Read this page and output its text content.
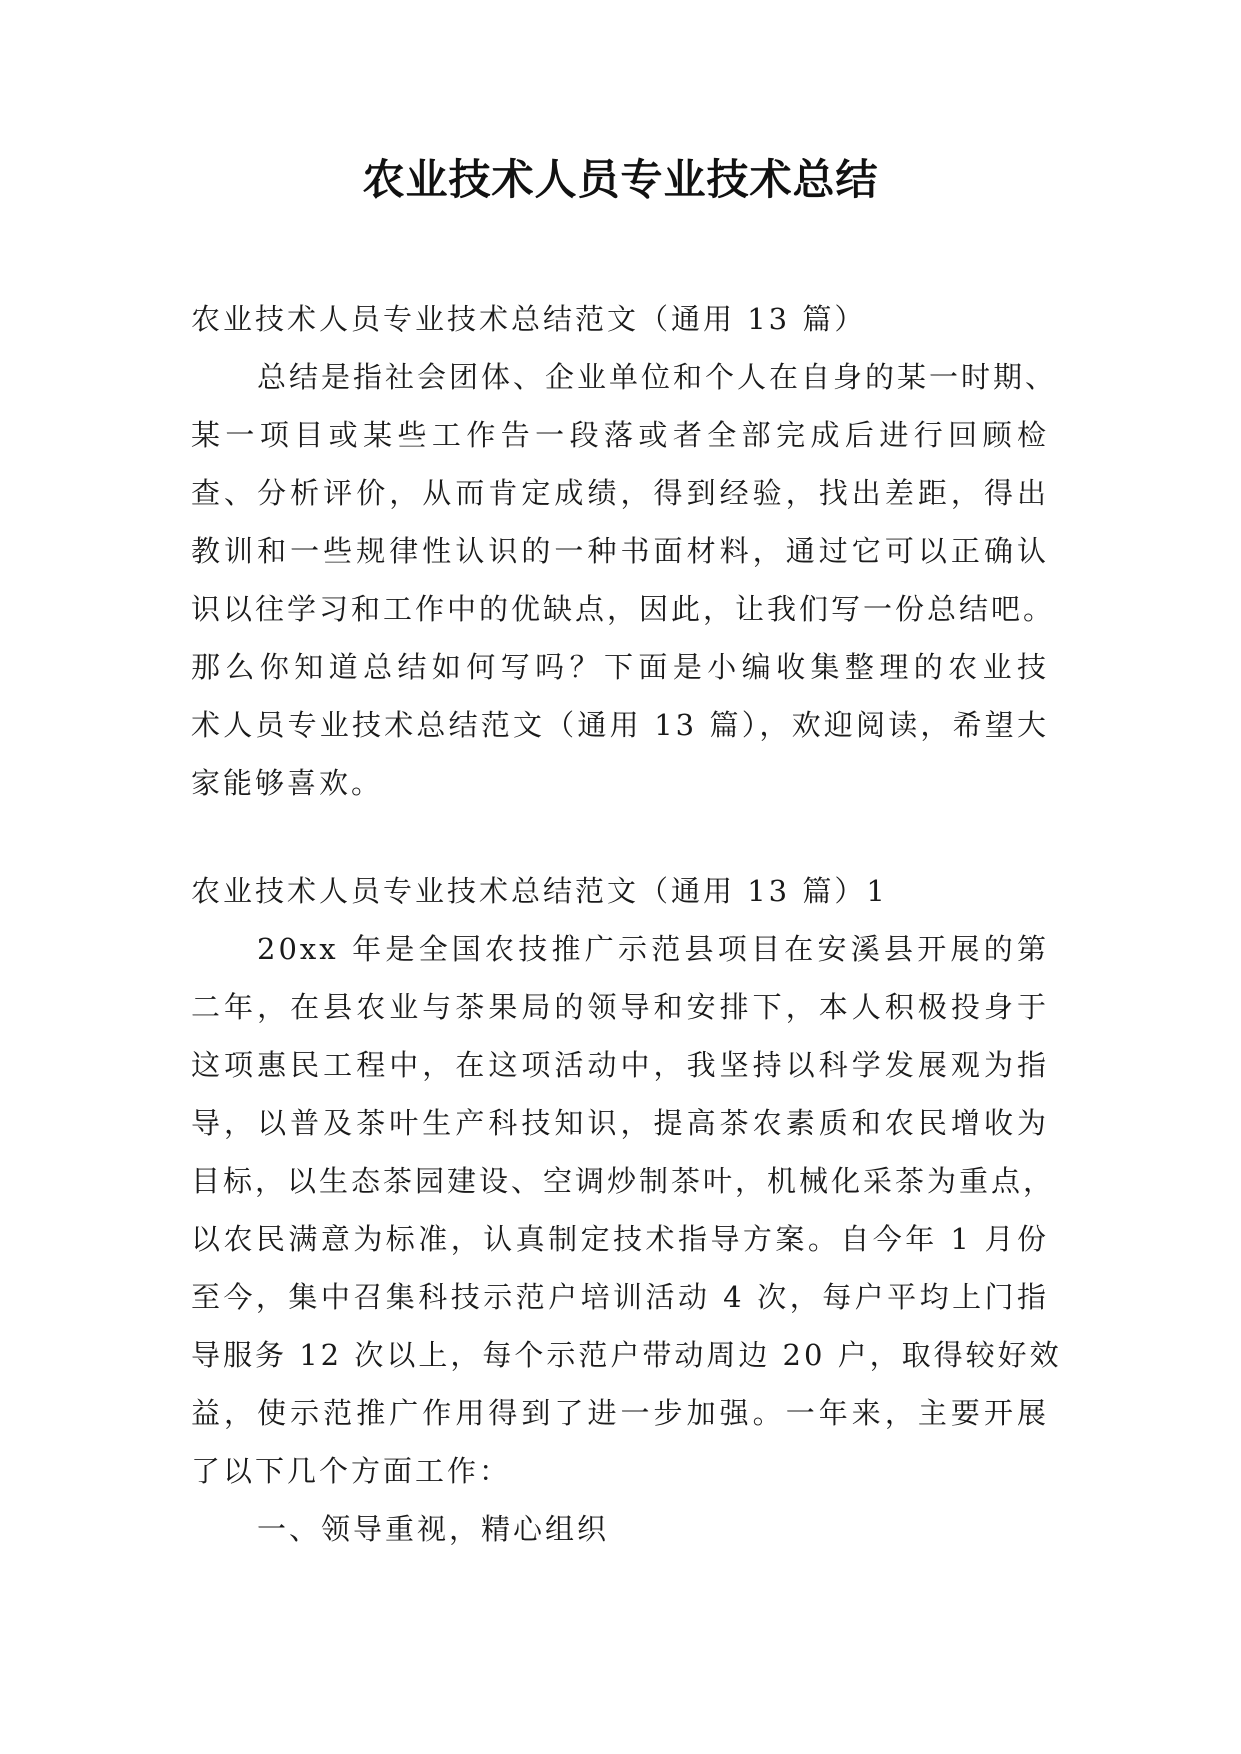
农业技术人员专业技术总结
农业技术人员专业技术总结范文（通用 13 篇）
总结是指社会团体、企业单位和个人在自身的某一时期、
某一项目或某些工作告一段落或者全部完成后进行回顾检
查、分析评价，从而肯定成绩，得到经验，找出差距，得出
教训和一些规律性认识的一种书面材料，通过它可以正确认
识以往学习和工作中的优缺点，因此，让我们写一份总结吧。
那么你知道总结如何写吗？下面是小编收集整理的农业技
术人员专业技术总结范文（通用 13 篇），欢迎阅读，希望大
家能够喜欢。
农业技术人员专业技术总结范文（通用 13 篇）1
20xx 年是全国农技推广示范县项目在安溪县开展的第
二年，在县农业与茶果局的领导和安排下，本人积极投身于
这项惠民工程中，在这项活动中，我坚持以科学发展观为指
导，以普及茶叶生产科技知识，提高茶农素质和农民增收为
目标，以生态茶园建设、空调炒制茶叶，机械化采茶为重点，
以农民满意为标准，认真制定技术指导方案。自今年 1 月份
至今，集中召集科技示范户培训活动 4 次，每户平均上门指
导服务 12 次以上，每个示范户带动周边 20 户，取得较好效
益，使示范推广作用得到了进一步加强。一年来，主要开展
了以下几个方面工作：
一、领导重视，精心组织
